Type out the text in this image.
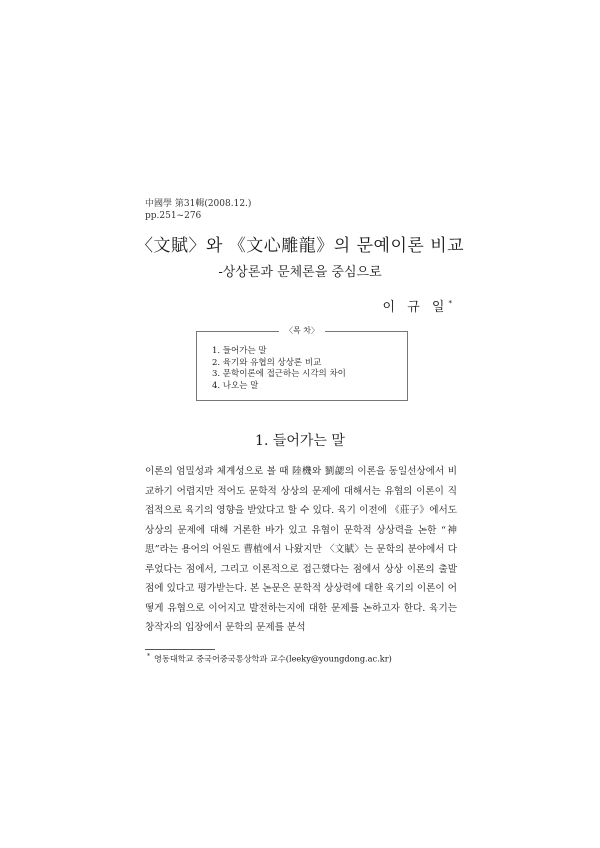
中國學 第31輯(2008.12.)
pp.251~276
〈文賦〉와 《文心雕龍》의 문예이론 비교
-상상론과 문체론을 중심으로
이 규 일*
〈목 차〉
1. 들어가는 말
2. 육기와 유협의 상상론 비교
3. 문학이론에 접근하는 시각의 차이
4. 나오는 말
1. 들어가는 말

이론의 엄밀성과 체계성으로 볼 때 陸機와 劉勰의 이론을 동일선상에서 비교하기 어렵지만 적어도 문학적 상상의 문제에 대해서는 유협의 이론이 직접적으로 육기의 영향을 받았다고 할 수 있다. 육기 이전에 《莊子》에서도 상상의 문제에 대해 거론한 바가 있고 유협이 문학적 상상력을 논한 “神思”라는 용어의 어원도 曹植에서 나왔지만 〈文賦〉는 문학의 분야에서 다루었다는 점에서, 그리고 이론적으로 접근했다는 점에서 상상 이론의 출발점에 있다고 평가받는다. 본 논문은 문학적 상상력에 대한 육기의 이론이 어떻게 유협으로 이어지고 발전하는지에 대한 문제를 논하고자 한다. 육기는 창작자의 입장에서 문학의 문제를 분석

* 영동대학교 중국어중국통상학과 교수(leeky@youngdong.ac.kr)
